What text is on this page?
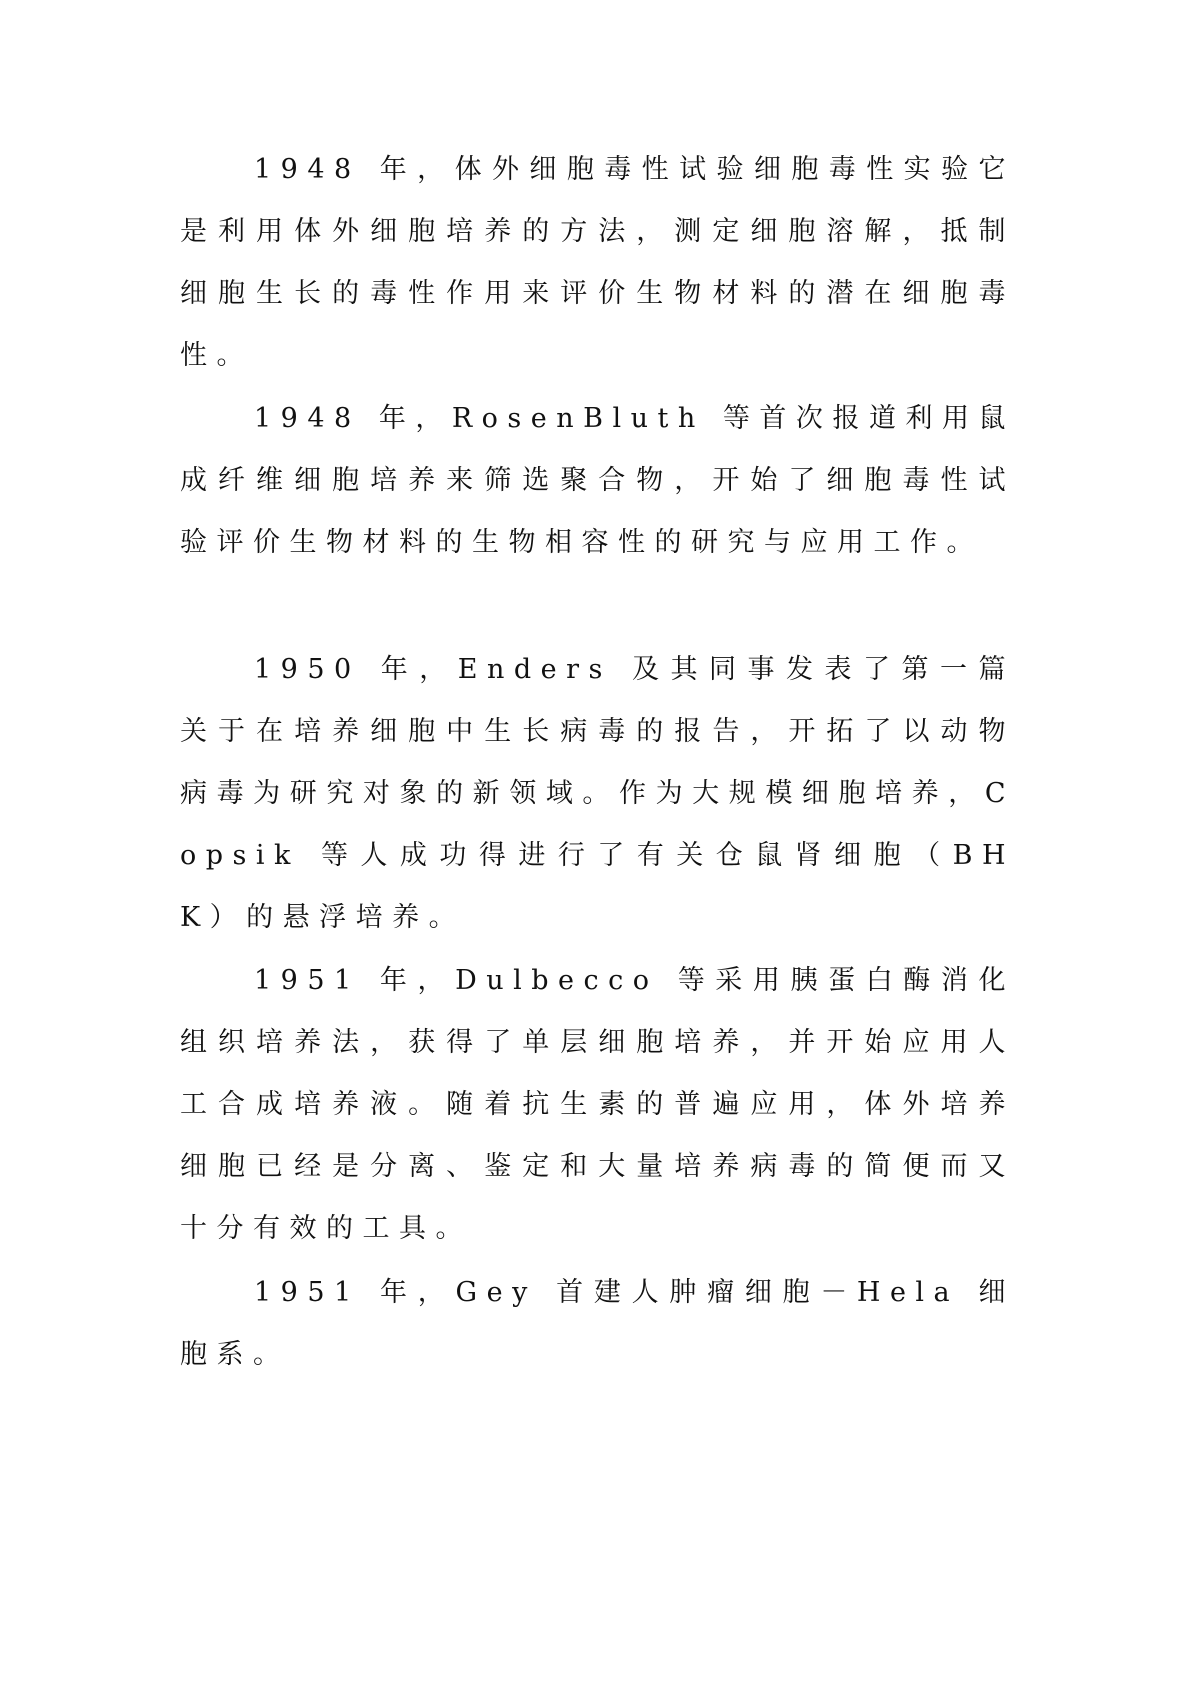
1948 年，体外细胞毒性试验细胞毒性实验它是利用体外细胞培养的方法，测定细胞溶解，抵制细胞生长的毒性作用来评价生物材料的潜在细胞毒性。

1948 年，RosenBluth 等首次报道利用鼠成纤维细胞培养来筛选聚合物，开始了细胞毒性试验评价生物材料的生物相容性的研究与应用工作。

1950 年，Enders 及其同事发表了第一篇关于在培养细胞中生长病毒的报告，开拓了以动物病毒为研究对象的新领域。作为大规模细胞培养，Copsik 等人成功得进行了有关仓鼠肾细胞（BHK）的悬浮培养。

1951 年，Dulbecco 等采用胰蛋白酶消化组织培养法，获得了单层细胞培养，并开始应用人工合成培养液。随着抗生素的普遍应用，体外培养细胞已经是分离、鉴定和大量培养病毒的简便而又十分有效的工具。

1951 年，Gey 首建人肿瘤细胞－Hela 细胞系。
